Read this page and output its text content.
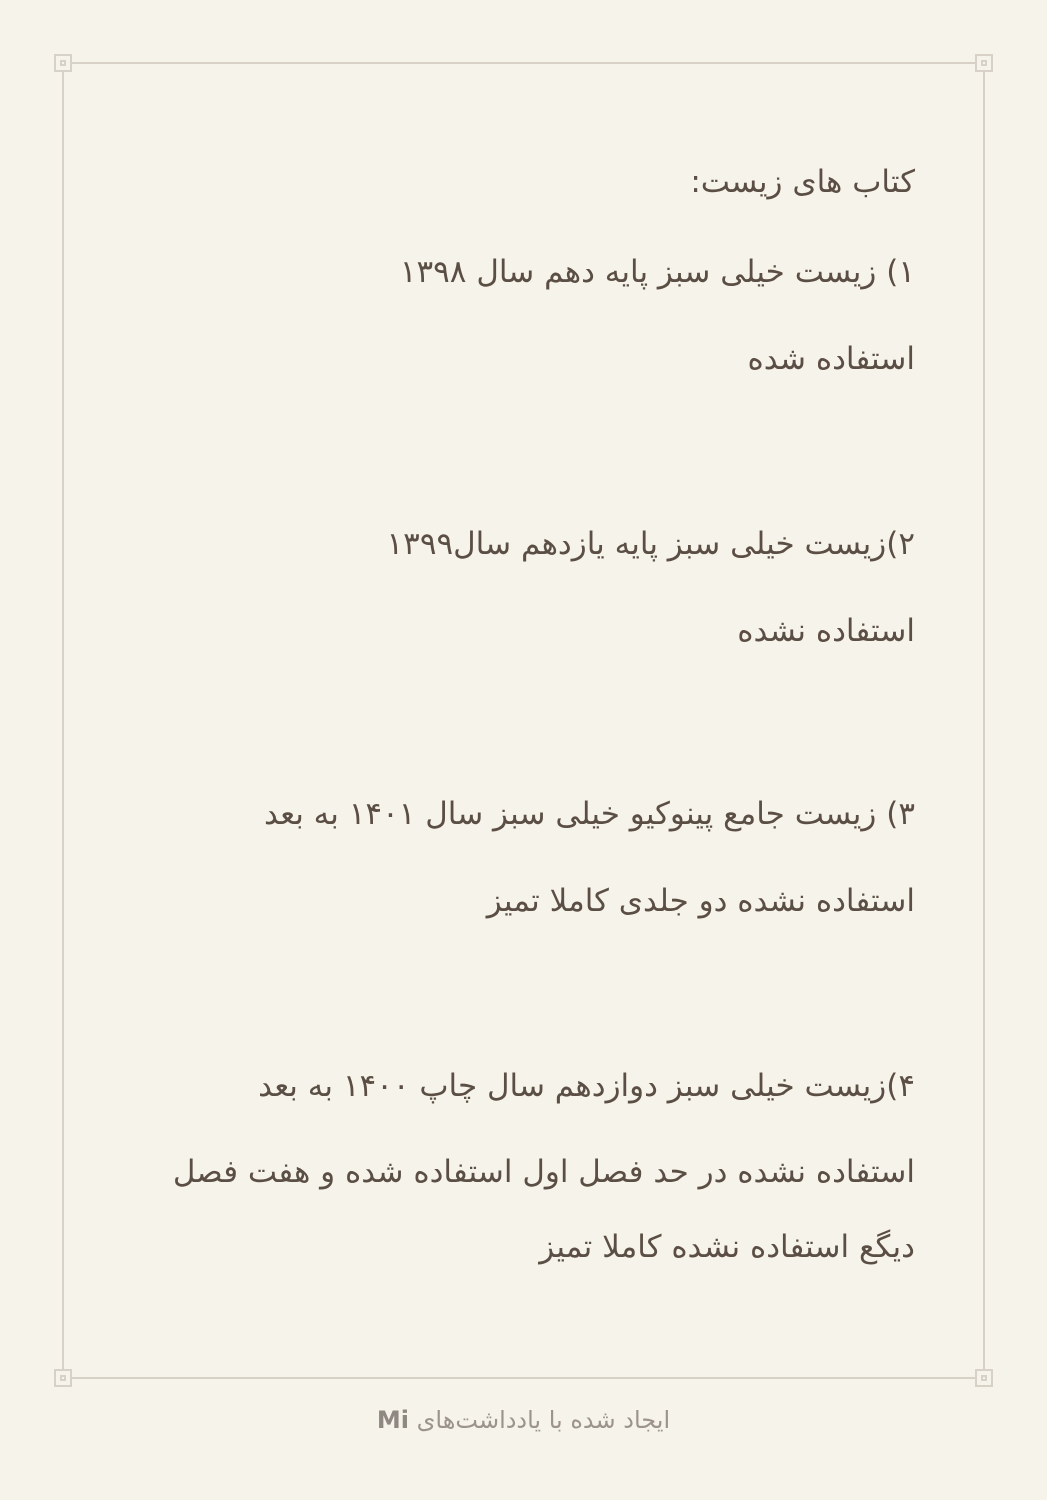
کتاب های زیست:
۱) زیست خیلی سبز پایه دهم سال ۱۳۹۸
استفاده شده
۲)زیست خیلی سبز پایه یازدهم سال۱۳۹۹
استفاده نشده
۳) زیست جامع پینوکیو خیلی سبز سال ۱۴۰۱ به بعد
استفاده نشده دو جلدی کاملا تمیز
۴)زیست خیلی سبز دوازدهم سال چاپ ۱۴۰۰ به بعد
استفاده نشده در حد فصل اول استفاده شده و هفت فصل
دیگع استفاده نشده کاملا تمیز
ایجاد شده با یادداشت‌های Mi
